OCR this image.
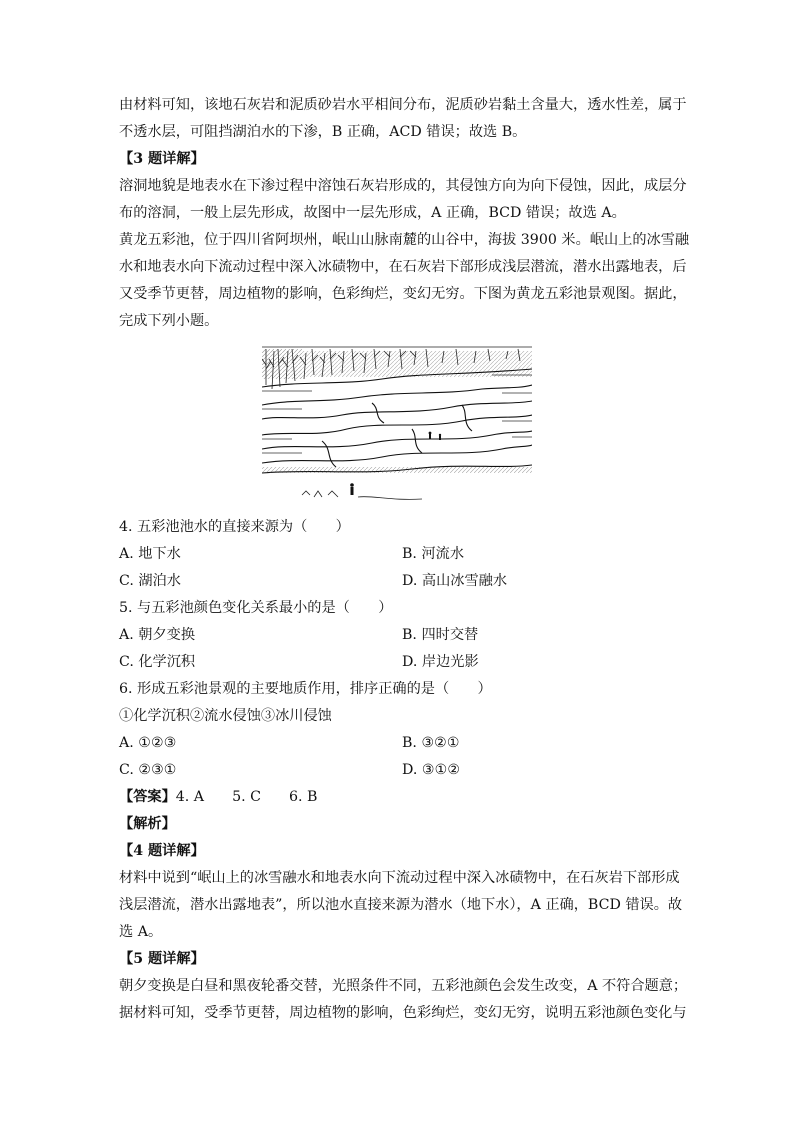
由材料可知，该地石灰岩和泥质砂岩水平相间分布，泥质砂岩黏土含量大，透水性差，属于
不透水层，可阻挡湖泊水的下渗，B 正确，ACD 错误；故选 B。
【3 题详解】
溶洞地貌是地表水在下渗过程中溶蚀石灰岩形成的，其侵蚀方向为向下侵蚀，因此，成层分
布的溶洞，一般上层先形成，故图中一层先形成，A 正确，BCD 错误；故选 A。
黄龙五彩池，位于四川省阿坝州，岷山山脉南麓的山谷中，海拔 3900 米。岷山上的冰雪融
水和地表水向下流动过程中深入冰碛物中，在石灰岩下部形成浅层潜流，潜水出露地表，后
又受季节更替，周边植物的影响，色彩绚烂，变幻无穷。下图为黄龙五彩池景观图。据此，
完成下列小题。
4. 五彩池池水的直接来源为（　　）
A. 地下水	B. 河流水
C. 湖泊水	D. 高山冰雪融水
5. 与五彩池颜色变化关系最小的是（　　）
A. 朝夕变换	B. 四时交替
C. 化学沉积	D. 岸边光影
6. 形成五彩池景观的主要地质作用，排序正确的是（　　）
①化学沉积②流水侵蚀③冰川侵蚀
A. ①②③	B. ③②①
C. ②③①	D. ③①②
【答案】4. A 5. C 6. B
【解析】
【4 题详解】
材料中说到“岷山上的冰雪融水和地表水向下流动过程中深入冰碛物中，在石灰岩下部形成
浅层潜流，潜水出露地表”，所以池水直接来源为潜水（地下水），A 正确，BCD 错误。故
选 A。
【5 题详解】
朝夕变换是白昼和黑夜轮番交替，光照条件不同，五彩池颜色会发生改变，A 不符合题意；
据材料可知，受季节更替，周边植物的影响，色彩绚烂，变幻无穷，说明五彩池颜色变化与
